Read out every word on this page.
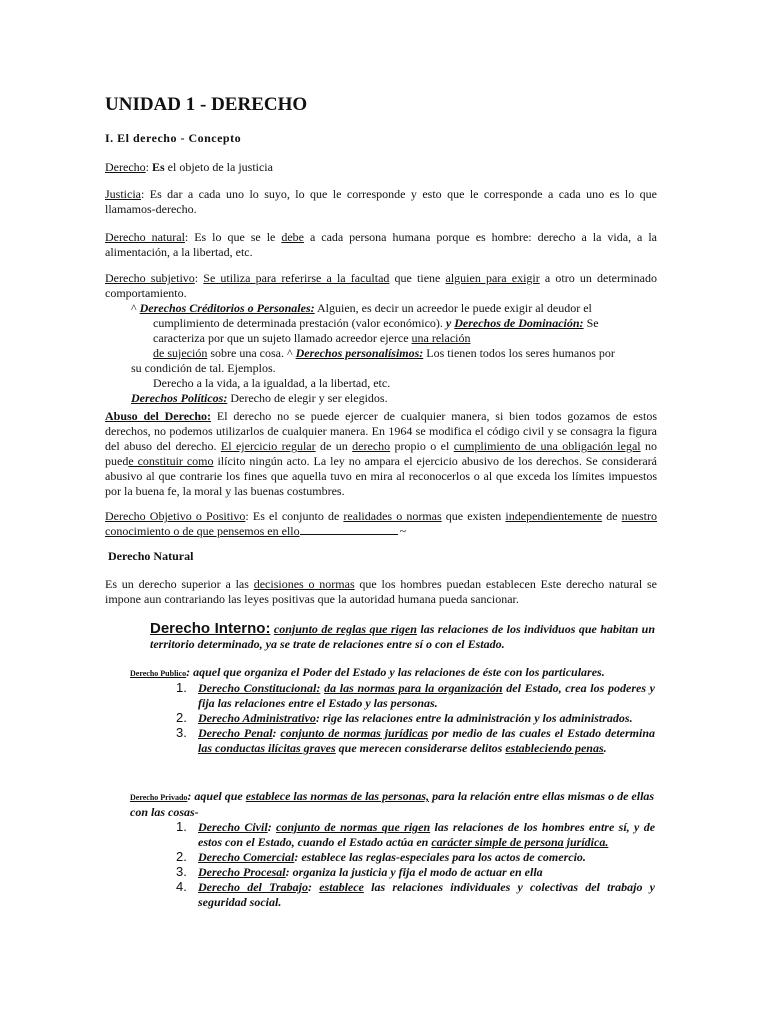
UNIDAD 1 - DERECHO
I. El derecho - Concepto
Derecho: Es el objeto de la justicia

Justicia: Es dar a cada uno lo suyo, lo que le corresponde y esto que le corresponde a cada uno es lo que llamamos-derecho.

Derecho natural: Es lo que se le debe a cada persona humana porque es hombre: derecho a la vida, a la alimentación, a la libertad, etc.

Derecho subjetivo: Se utiliza para referirse a la facultad que tiene alguien para exigir a otro un determinado comportamiento.

^ Derechos Créditorios o Personales: Alguien, es decir un acreedor le puede exigir al deudor el

cumplimiento de determinada prestación (valor económico). y Derechos de Dominación: Se

caracteriza por que un sujeto llamado acreedor ejerce una relación

de sujeción sobre una cosa. ^ Derechos personalísimos: Los tienen todos los seres humanos por

su condición de tal. Ejemplos.

Derecho a la vida, a la igualdad, a la libertad, etc.

Derechos Políticos: Derecho de elegir y ser elegidos.

Abuso del Derecho: El derecho no se puede ejercer de cualquier manera, si bien todos gozamos de estos derechos, no podemos utilizarlos de cualquier manera. En 1964 se modifica el código civil y se consagra la figura del abuso del derecho. El ejercicio regular de un derecho propio o el cumplimiento de una obligación legal no puede constituir como ilícito ningún acto. La ley no ampara el ejercicio abusivo de los derechos. Se considerará abusivo al que contrarie los fines que aquella tuvo en mira al reconocerlos o al que exceda los límites impuestos por la buena fe, la moral y las buenas costumbres.

Derecho Objetivo o Positivo: Es el conjunto de realidades o normas que existen independientemente de nuestro conocimiento o de que pensemos en ello	~

Derecho Natural

Es un derecho superior a las decisiones o normas que los hombres puedan establecen Este derecho natural se impone aun contrariando las leyes positivas que la autoridad humana pueda sancionar.

Derecho Interno: conjunto de reglas que rigen las relaciones de los individuos que habitan un territorio determinado, ya se trate de relaciones entre sí o con el Estado.

Derecho Publico: aquel que organiza el Poder del Estado y las relaciones de éste con los particulares.

1. Derecho Constitucional: da las normas para la organización del Estado, crea los poderes y fija las relaciones entre el Estado y las personas.
2. Derecho Administrativo: rige las relaciones entre la administración y los administrados.
3. Derecho Penal: conjunto de normas jurídicas por medio de las cuales el Estado determina las conductas ilícitas graves que merecen considerarse delitos estableciendo penas.

Derecho Privado: aquel que establece las normas de las personas, para la relación entre ellas mismas o de ellas con las cosas-

1. Derecho Civil: conjunto de normas que rigen las relaciones de los hombres entre sí, y de estos con el Estado, cuando el Estado actúa en carácter simple de persona jurídica.
2. Derecho Comercial: establece las reglas-especiales para los actos de comercio.
3. Derecho Procesal: organiza la justicia y fija el modo de actuar en ella
4. Derecho del Trabajo: establece las relaciones individuales y colectivas del trabajo y seguridad social.
